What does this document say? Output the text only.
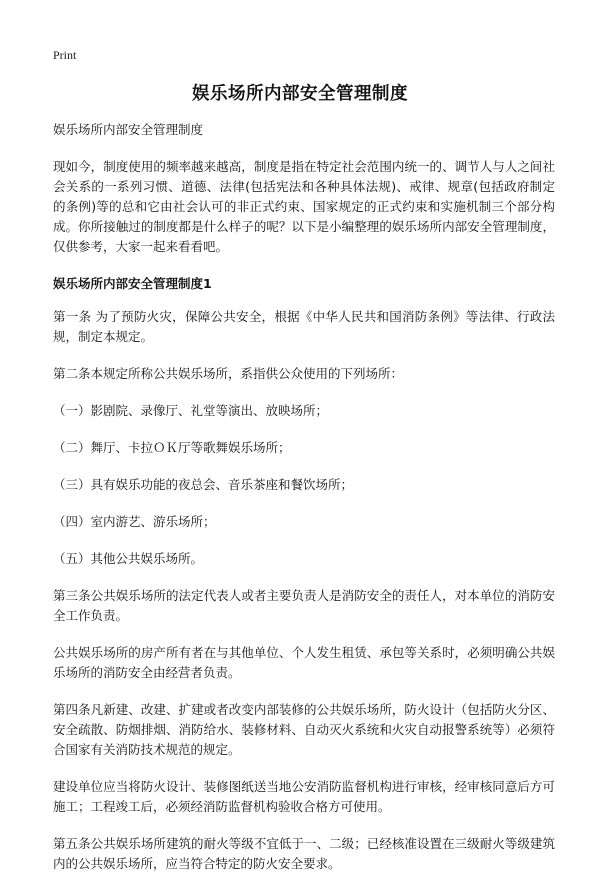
Print
娱乐场所内部安全管理制度

娱乐场所内部安全管理制度

现如今，制度使用的频率越来越高，制度是指在特定社会范围内统一的、调节人与人之间社会关系的一系列习惯、道德、法律(包括宪法和各种具体法规)、戒律、规章(包括政府制定的条例)等的总和它由社会认可的非正式约束、国家规定的正式约束和实施机制三个部分构成。你所接触过的制度都是什么样子的呢？以下是小编整理的娱乐场所内部安全管理制度，仅供参考，大家一起来看看吧。

娱乐场所内部安全管理制度1

第一条 为了预防火灾，保障公共安全，根据《中华人民共和国消防条例》等法律、行政法规，制定本规定。

第二条本规定所称公共娱乐场所，系指供公众使用的下列场所：

（一）影剧院、录像厅、礼堂等演出、放映场所；

（二）舞厅、卡拉ＯＫ厅等歌舞娱乐场所；

（三）具有娱乐功能的夜总会、音乐茶座和餐饮场所；

（四）室内游艺、游乐场所；

（五）其他公共娱乐场所。

第三条公共娱乐场所的法定代表人或者主要负责人是消防安全的责任人，对本单位的消防安全工作负责。

公共娱乐场所的房产所有者在与其他单位、个人发生租赁、承包等关系时，必须明确公共娱乐场所的消防安全由经营者负责。

第四条凡新建、改建、扩建或者改变内部装修的公共娱乐场所，防火设计（包括防火分区、安全疏散、防烟排烟、消防给水、装修材料、自动灭火系统和火灾自动报警系统等）必须符合国家有关消防技术规范的规定。

建设单位应当将防火设计、装修图纸送当地公安消防监督机构进行审核，经审核同意后方可施工；工程竣工后，必须经消防监督机构验收合格方可使用。

第五条公共娱乐场所建筑的耐火等级不宜低于一、二级；已经核准设置在三级耐火等级建筑内的公共娱乐场所，应当符合特定的防火安全要求。
